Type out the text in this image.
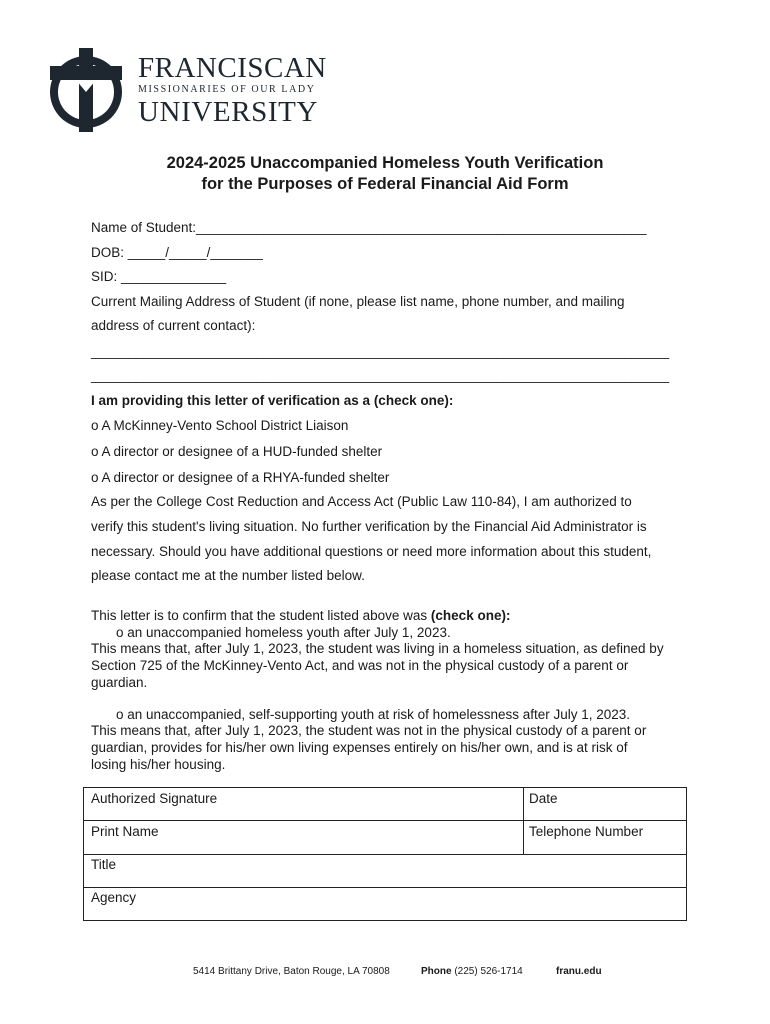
FRANCISCAN
MISSIONARIES OF OUR LADY
UNIVERSITY
2024-2025 Unaccompanied Homeless Youth Verification
for the Purposes of Federal Financial Aid Form
Name of Student:____________________________________________________________
DOB: _____/_____/_______
SID: ______________
Current Mailing Address of Student (if none, please list name, phone number, and mailing
address of current contact):
_____________________________________________________________________________
_____________________________________________________________________________
I am providing this letter of verification as a (check one):
o A McKinney-Vento School District Liaison
o A director or designee of a HUD-funded shelter
o A director or designee of a RHYA-funded shelter
As per the College Cost Reduction and Access Act (Public Law 110-84), I am authorized to
verify this student's living situation. No further verification by the Financial Aid Administrator is
necessary. Should you have additional questions or need more information about this student,
please contact me at the number listed below.
This letter is to confirm that the student listed above was (check one):
o an unaccompanied homeless youth after July 1, 2023.
This means that, after July 1, 2023, the student was living in a homeless situation, as defined by
Section 725 of the McKinney-Vento Act, and was not in the physical custody of a parent or
guardian.
o an unaccompanied, self-supporting youth at risk of homelessness after July 1, 2023.
This means that, after July 1, 2023, the student was not in the physical custody of a parent or
guardian, provides for his/her own living expenses entirely on his/her own, and is at risk of
losing his/her housing.
Authorized Signature	Date
Print Name	Telephone Number
Title
Agency
5414 Brittany Drive, Baton Rouge, LA 70808	Phone (225) 526-1714	franu.edu
